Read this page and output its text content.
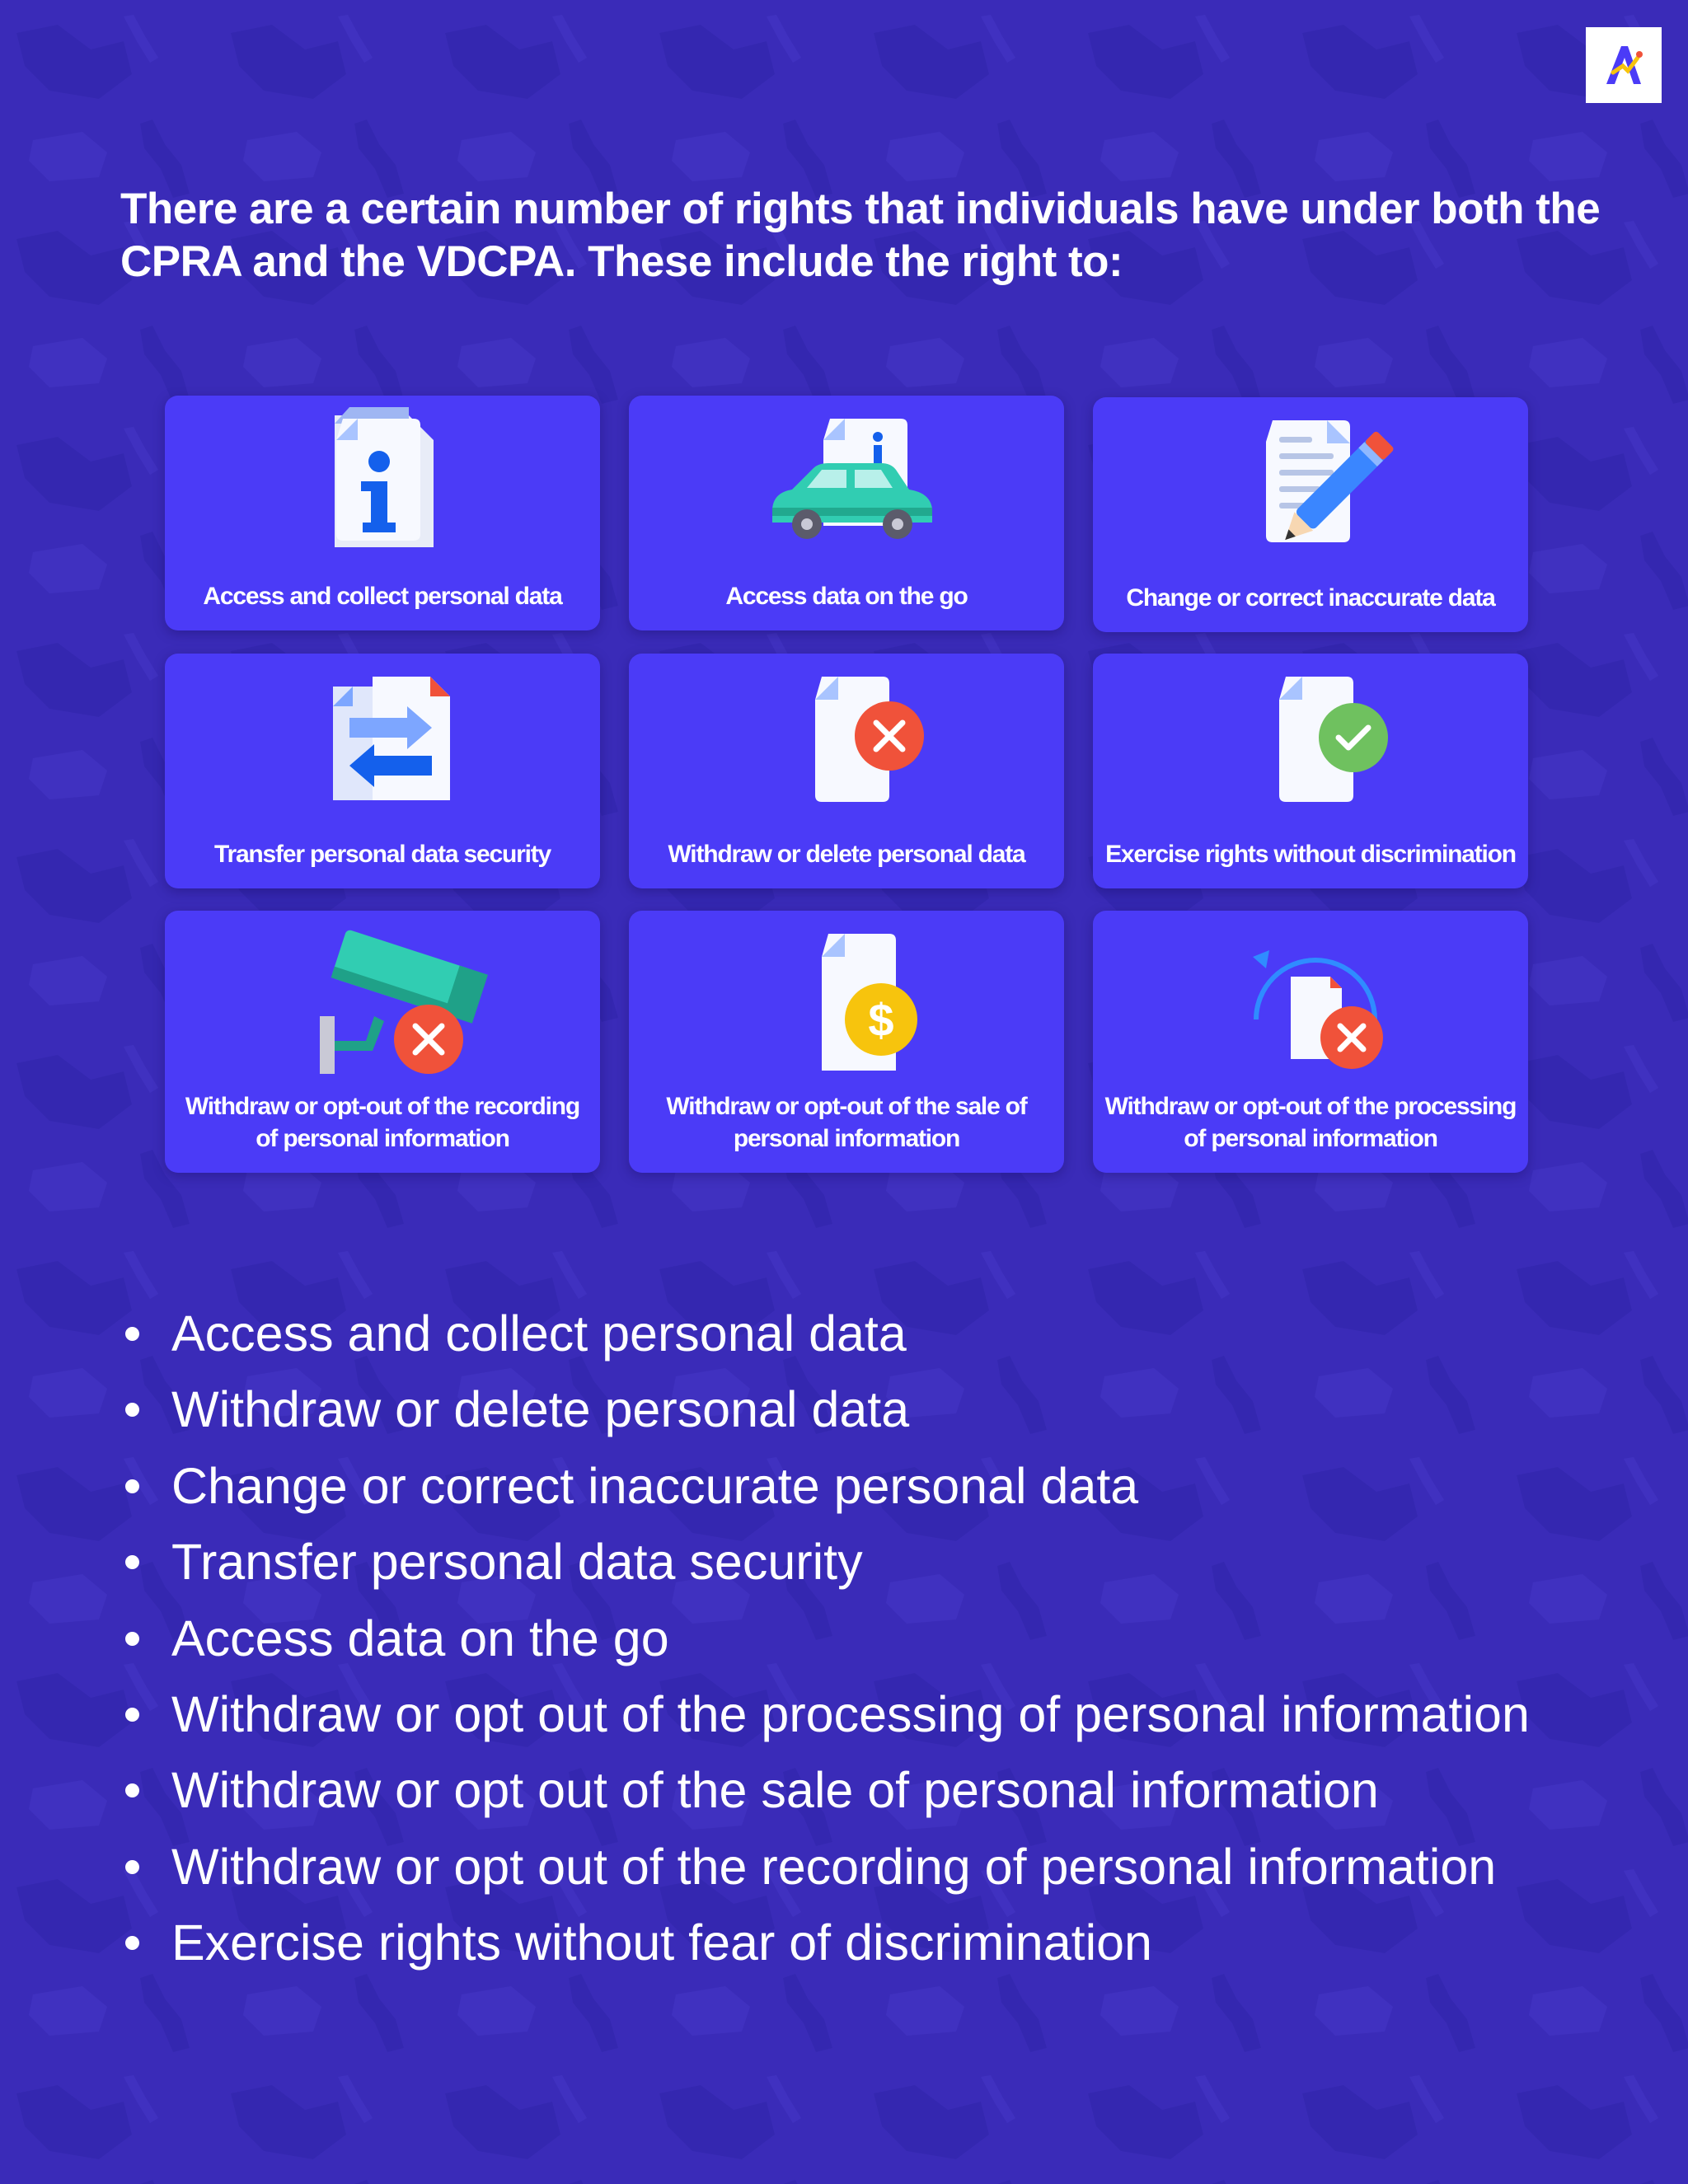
There are a certain number of rights that individuals have under both the CPRA and the VDCPA. These include the right to:

Access and collect personal data	Access data on the go	Change or correct inaccurate data
Transfer personal data security	Withdraw or delete personal data	Exercise rights without discrimination
Withdraw or opt-out of the recording of personal information
$
Withdraw or opt-out of the sale of personal information
Withdraw or opt-out of the processing of personal information
Access and collect personal data
Withdraw or delete personal data
Change or correct inaccurate personal data
Transfer personal data security
Access data on the go
Withdraw or opt out of the processing of personal information
Withdraw or opt out of the sale of personal information
Withdraw or opt out of the recording of personal information
Exercise rights without fear of discrimination
